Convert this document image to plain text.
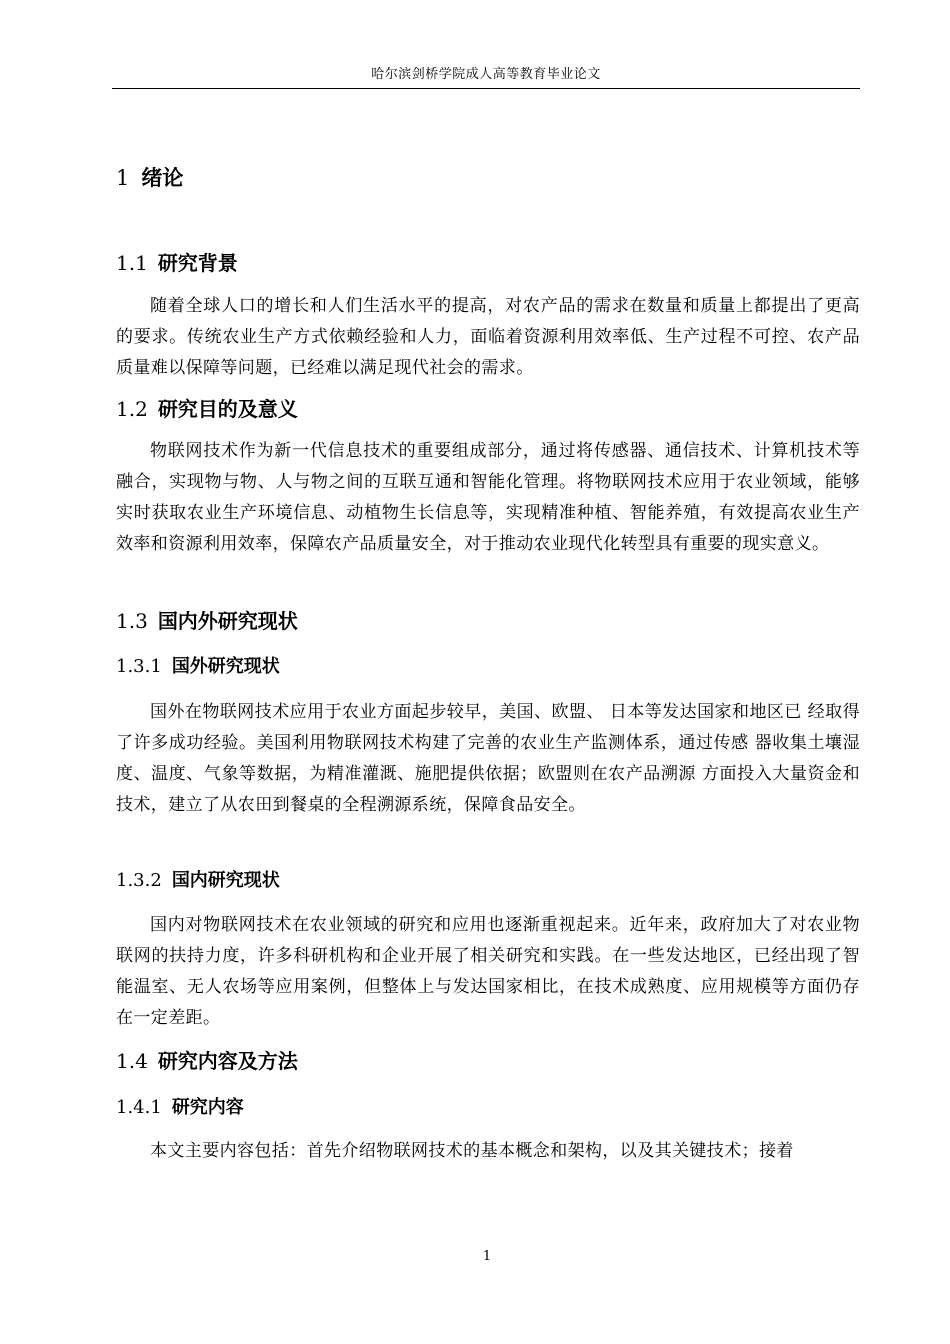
哈尔滨剑桥学院成人高等教育毕业论文
1 绪论
1.1 研究背景

随着全球人口的增长和人们生活水平的提高，对农产品的需求在数量和质量上都提出了更高的要求。传统农业生产方式依赖经验和人力，面临着资源利用效率低、生产过程不可控、农产品质量难以保障等问题，已经难以满足现代社会的需求。

1.2 研究目的及意义

物联网技术作为新一代信息技术的重要组成部分，通过将传感器、通信技术、计算机技术等融合，实现物与物、人与物之间的互联互通和智能化管理。将物联网技术应用于农业领域，能够实时获取农业生产环境信息、动植物生长信息等，实现精准种植、智能养殖，有效提高农业生产效率和资源利用效率，保障农产品质量安全，对于推动农业现代化转型具有重要的现实意义。

1.3 国内外研究现状
1.3.1 国外研究现状

国外在物联网技术应用于农业方面起步较早，美国、欧盟、 日本等发达国家和地区已 经取得了许多成功经验。美国利用物联网技术构建了完善的农业生产监测体系，通过传感 器收集土壤湿度、温度、气象等数据，为精准灌溉、施肥提供依据；欧盟则在农产品溯源 方面投入大量资金和技术，建立了从农田到餐桌的全程溯源系统，保障食品安全。

1.3.2 国内研究现状

国内对物联网技术在农业领域的研究和应用也逐渐重视起来。近年来，政府加大了对农业物联网的扶持力度，许多科研机构和企业开展了相关研究和实践。在一些发达地区，已经出现了智能温室、无人农场等应用案例，但整体上与发达国家相比，在技术成熟度、应用规模等方面仍存在一定差距。

1.4 研究内容及方法
1.4.1 研究内容

本文主要内容包括：首先介绍物联网技术的基本概念和架构，以及其关键技术；接着

1
